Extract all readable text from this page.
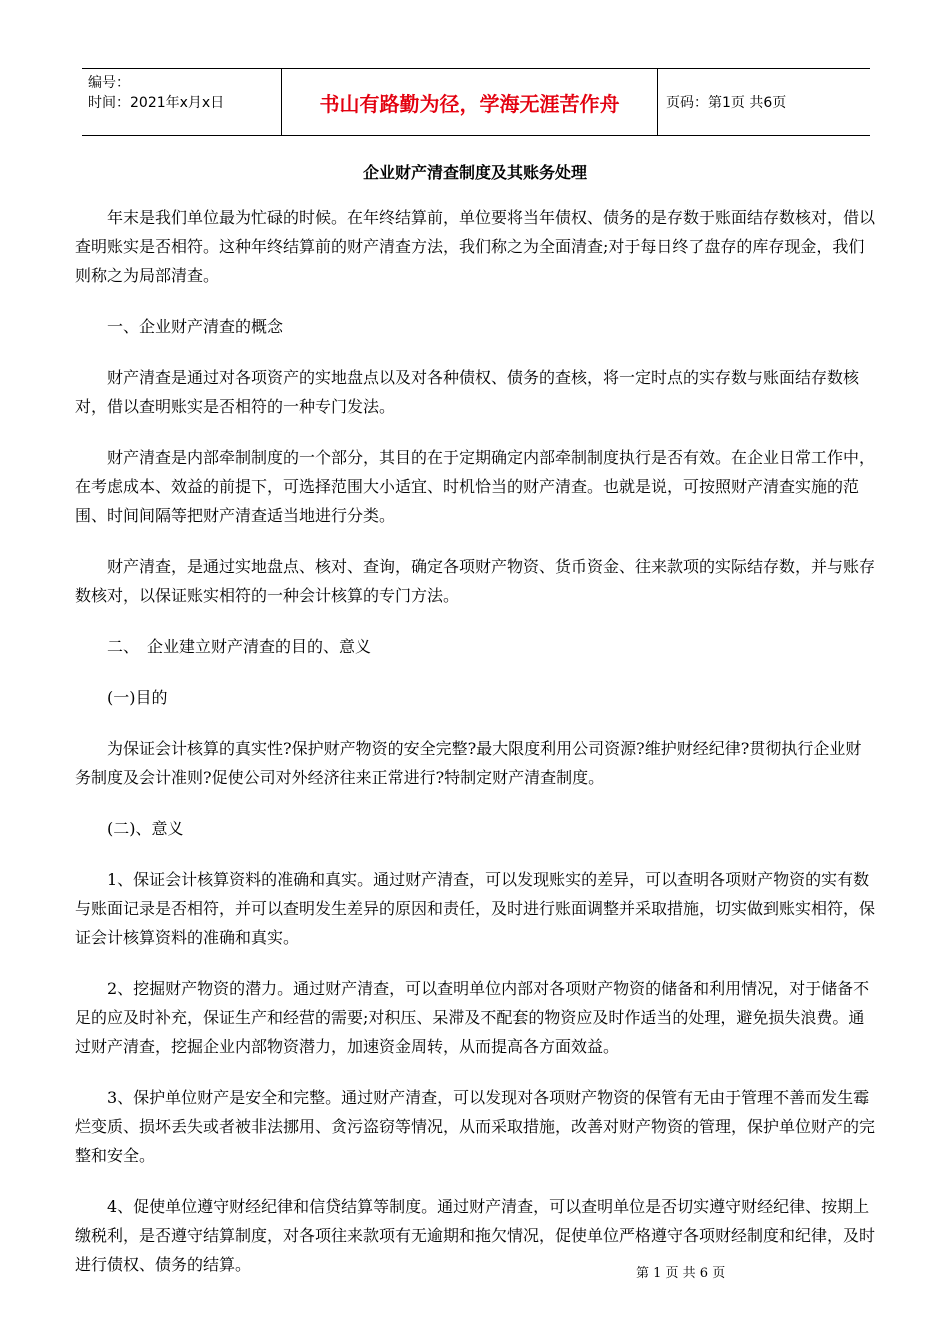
编号：
时间：2021年x月x日	书山有路勤为径，学海无涯苦作舟	页码：第1页 共6页
企业财产清查制度及其账务处理

年末是我们单位最为忙碌的时候。在年终结算前，单位要将当年债权、债务的是存数于账面结存数核对，借以查明账实是否相符。这种年终结算前的财产清查方法，我们称之为全面清查;对于每日终了盘存的库存现金，我们则称之为局部清查。

一、企业财产清查的概念

财产清查是通过对各项资产的实地盘点以及对各种债权、债务的查核，将一定时点的实存数与账面结存数核对，借以查明账实是否相符的一种专门发法。

财产清查是内部牵制制度的一个部分，其目的在于定期确定内部牵制制度执行是否有效。在企业日常工作中，在考虑成本、效益的前提下，可选择范围大小适宜、时机恰当的财产清查。也就是说，可按照财产清查实施的范围、时间间隔等把财产清查适当地进行分类。

财产清查，是通过实地盘点、核对、查询，确定各项财产物资、货币资金、往来款项的实际结存数，并与账存数核对，以保证账实相符的一种会计核算的专门方法。

二、　企业建立财产清查的目的、意义

(一)目的

为保证会计核算的真实性?保护财产物资的安全完整?最大限度利用公司资源?维护财经纪律?贯彻执行企业财务制度及会计准则?促使公司对外经济往来正常进行?特制定财产清查制度。

(二)、意义

1、保证会计核算资料的准确和真实。通过财产清查，可以发现账实的差异，可以查明各项财产物资的实有数与账面记录是否相符，并可以查明发生差异的原因和责任，及时进行账面调整并采取措施，切实做到账实相符，保证会计核算资料的准确和真实。

2、挖掘财产物资的潜力。通过财产清查，可以查明单位内部对各项财产物资的储备和利用情况，对于储备不足的应及时补充，保证生产和经营的需要;对积压、呆滞及不配套的物资应及时作适当的处理，避免损失浪费。通过财产清查，挖掘企业内部物资潜力，加速资金周转，从而提高各方面效益。

3、保护单位财产是安全和完整。通过财产清查，可以发现对各项财产物资的保管有无由于管理不善而发生霉烂变质、损坏丢失或者被非法挪用、贪污盗窃等情况，从而采取措施，改善对财产物资的管理，保护单位财产的完整和安全。

4、促使单位遵守财经纪律和信贷结算等制度。通过财产清查，可以查明单位是否切实遵守财经纪律、按期上缴税利，是否遵守结算制度，对各项往来款项有无逾期和拖欠情况，促使单位严格遵守各项财经制度和纪律，及时进行债权、债务的结算。	第 1 页 共 6 页
